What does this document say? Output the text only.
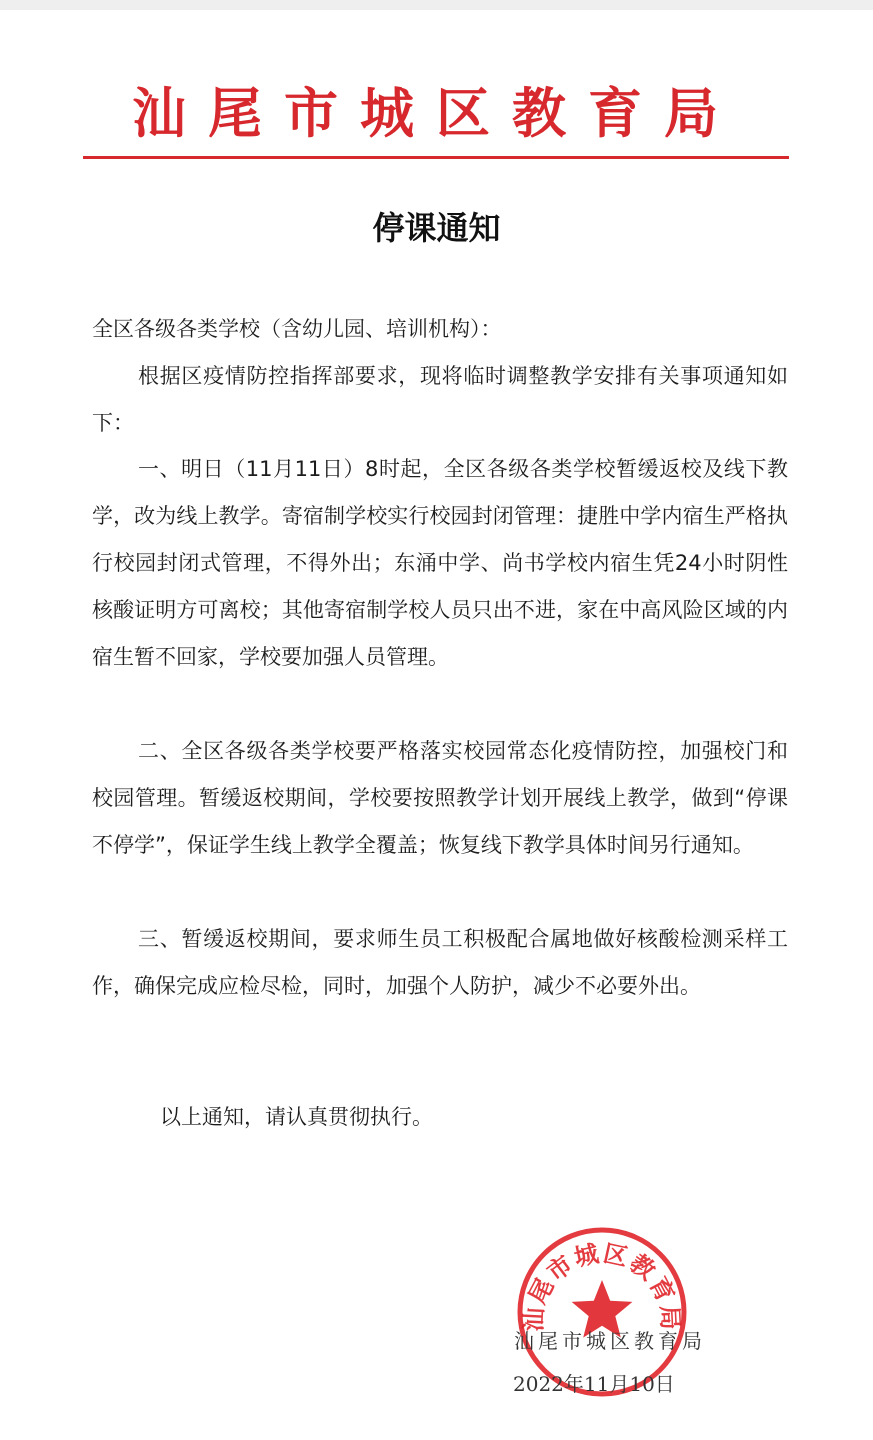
汕尾市城区教育局
停课通知
全区各级各类学校（含幼儿园、培训机构）：

根据区疫情防控指挥部要求，现将临时调整教学安排有关事项通知如下：

一、明日（11月11日）8时起，全区各级各类学校暂缓返校及线下教学，改为线上教学。寄宿制学校实行校园封闭管理：捷胜中学内宿生严格执行校园封闭式管理，不得外出；东涌中学、尚书学校内宿生凭24小时阴性核酸证明方可离校；其他寄宿制学校人员只出不进，家在中高风险区域的内宿生暂不回家，学校要加强人员管理。

二、全区各级各类学校要严格落实校园常态化疫情防控，加强校门和校园管理。暂缓返校期间，学校要按照教学计划开展线上教学，做到“停课不停学”，保证学生线上教学全覆盖；恢复线下教学具体时间另行通知。

三、暂缓返校期间，要求师生员工积极配合属地做好核酸检测采样工作，确保完成应检尽检，同时，加强个人防护，减少不必要外出。

以上通知，请认真贯彻执行。
汕尾市城区教育局
汕尾市城区教育局
2022年11月10日
